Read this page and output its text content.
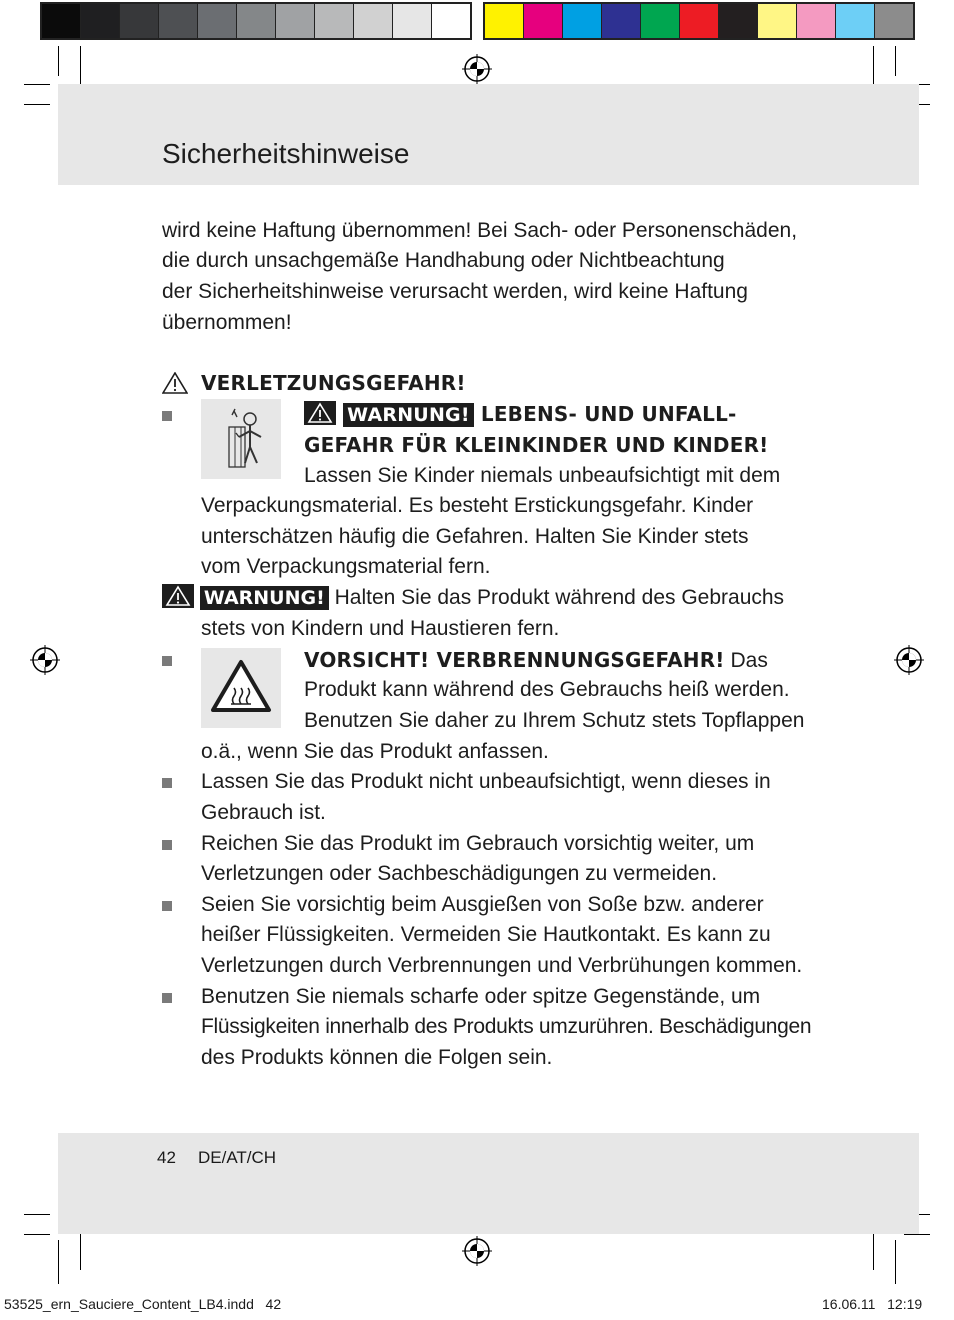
Sicherheitshinweise
wird keine Haftung übernommen! Bei Sach- oder Personenschäden,
die durch unsachgemäße Handhabung oder Nichtbeachtung
der Sicherheitshinweise verursacht werden, wird keine Haftung
übernommen!
VERLETZUNGSGEFAHR!
WARNUNG! LEBENS- UND UNFALL-
GEFAHR FÜR KLEINKINDER UND KINDER!
Lassen Sie Kinder niemals unbeaufsichtigt mit dem
Verpackungsmaterial. Es besteht Erstickungsgefahr. Kinder
unterschätzen häufig die Gefahren. Halten Sie Kinder stets
vom Verpackungsmaterial fern.
WARNUNG! Halten Sie das Produkt während des Gebrauchs
stets von Kindern und Haustieren fern.
VORSICHT! VERBRENNUNGSGEFAHR! Das
Produkt kann während des Gebrauchs heiß werden.
Benutzen Sie daher zu Ihrem Schutz stets Topflappen
o.ä., wenn Sie das Produkt anfassen.
Lassen Sie das Produkt nicht unbeaufsichtigt, wenn dieses in
Gebrauch ist.
Reichen Sie das Produkt im Gebrauch vorsichtig weiter, um
Verletzungen oder Sachbeschädigungen zu vermeiden.
Seien Sie vorsichtig beim Ausgießen von Soße bzw. anderer
heißer Flüssigkeiten. Vermeiden Sie Hautkontakt. Es kann zu
Verletzungen durch Verbrennungen und Verbrühungen kommen.
Benutzen Sie niemals scharfe oder spitze Gegenstände, um
Flüssigkeiten innerhalb des Produkts umzurühren. Beschädigungen
des Produkts können die Folgen sein.
42 DE/AT/CH
53525_ern_Sauciere_Content_LB4.indd   42	16.06.11   12:19
